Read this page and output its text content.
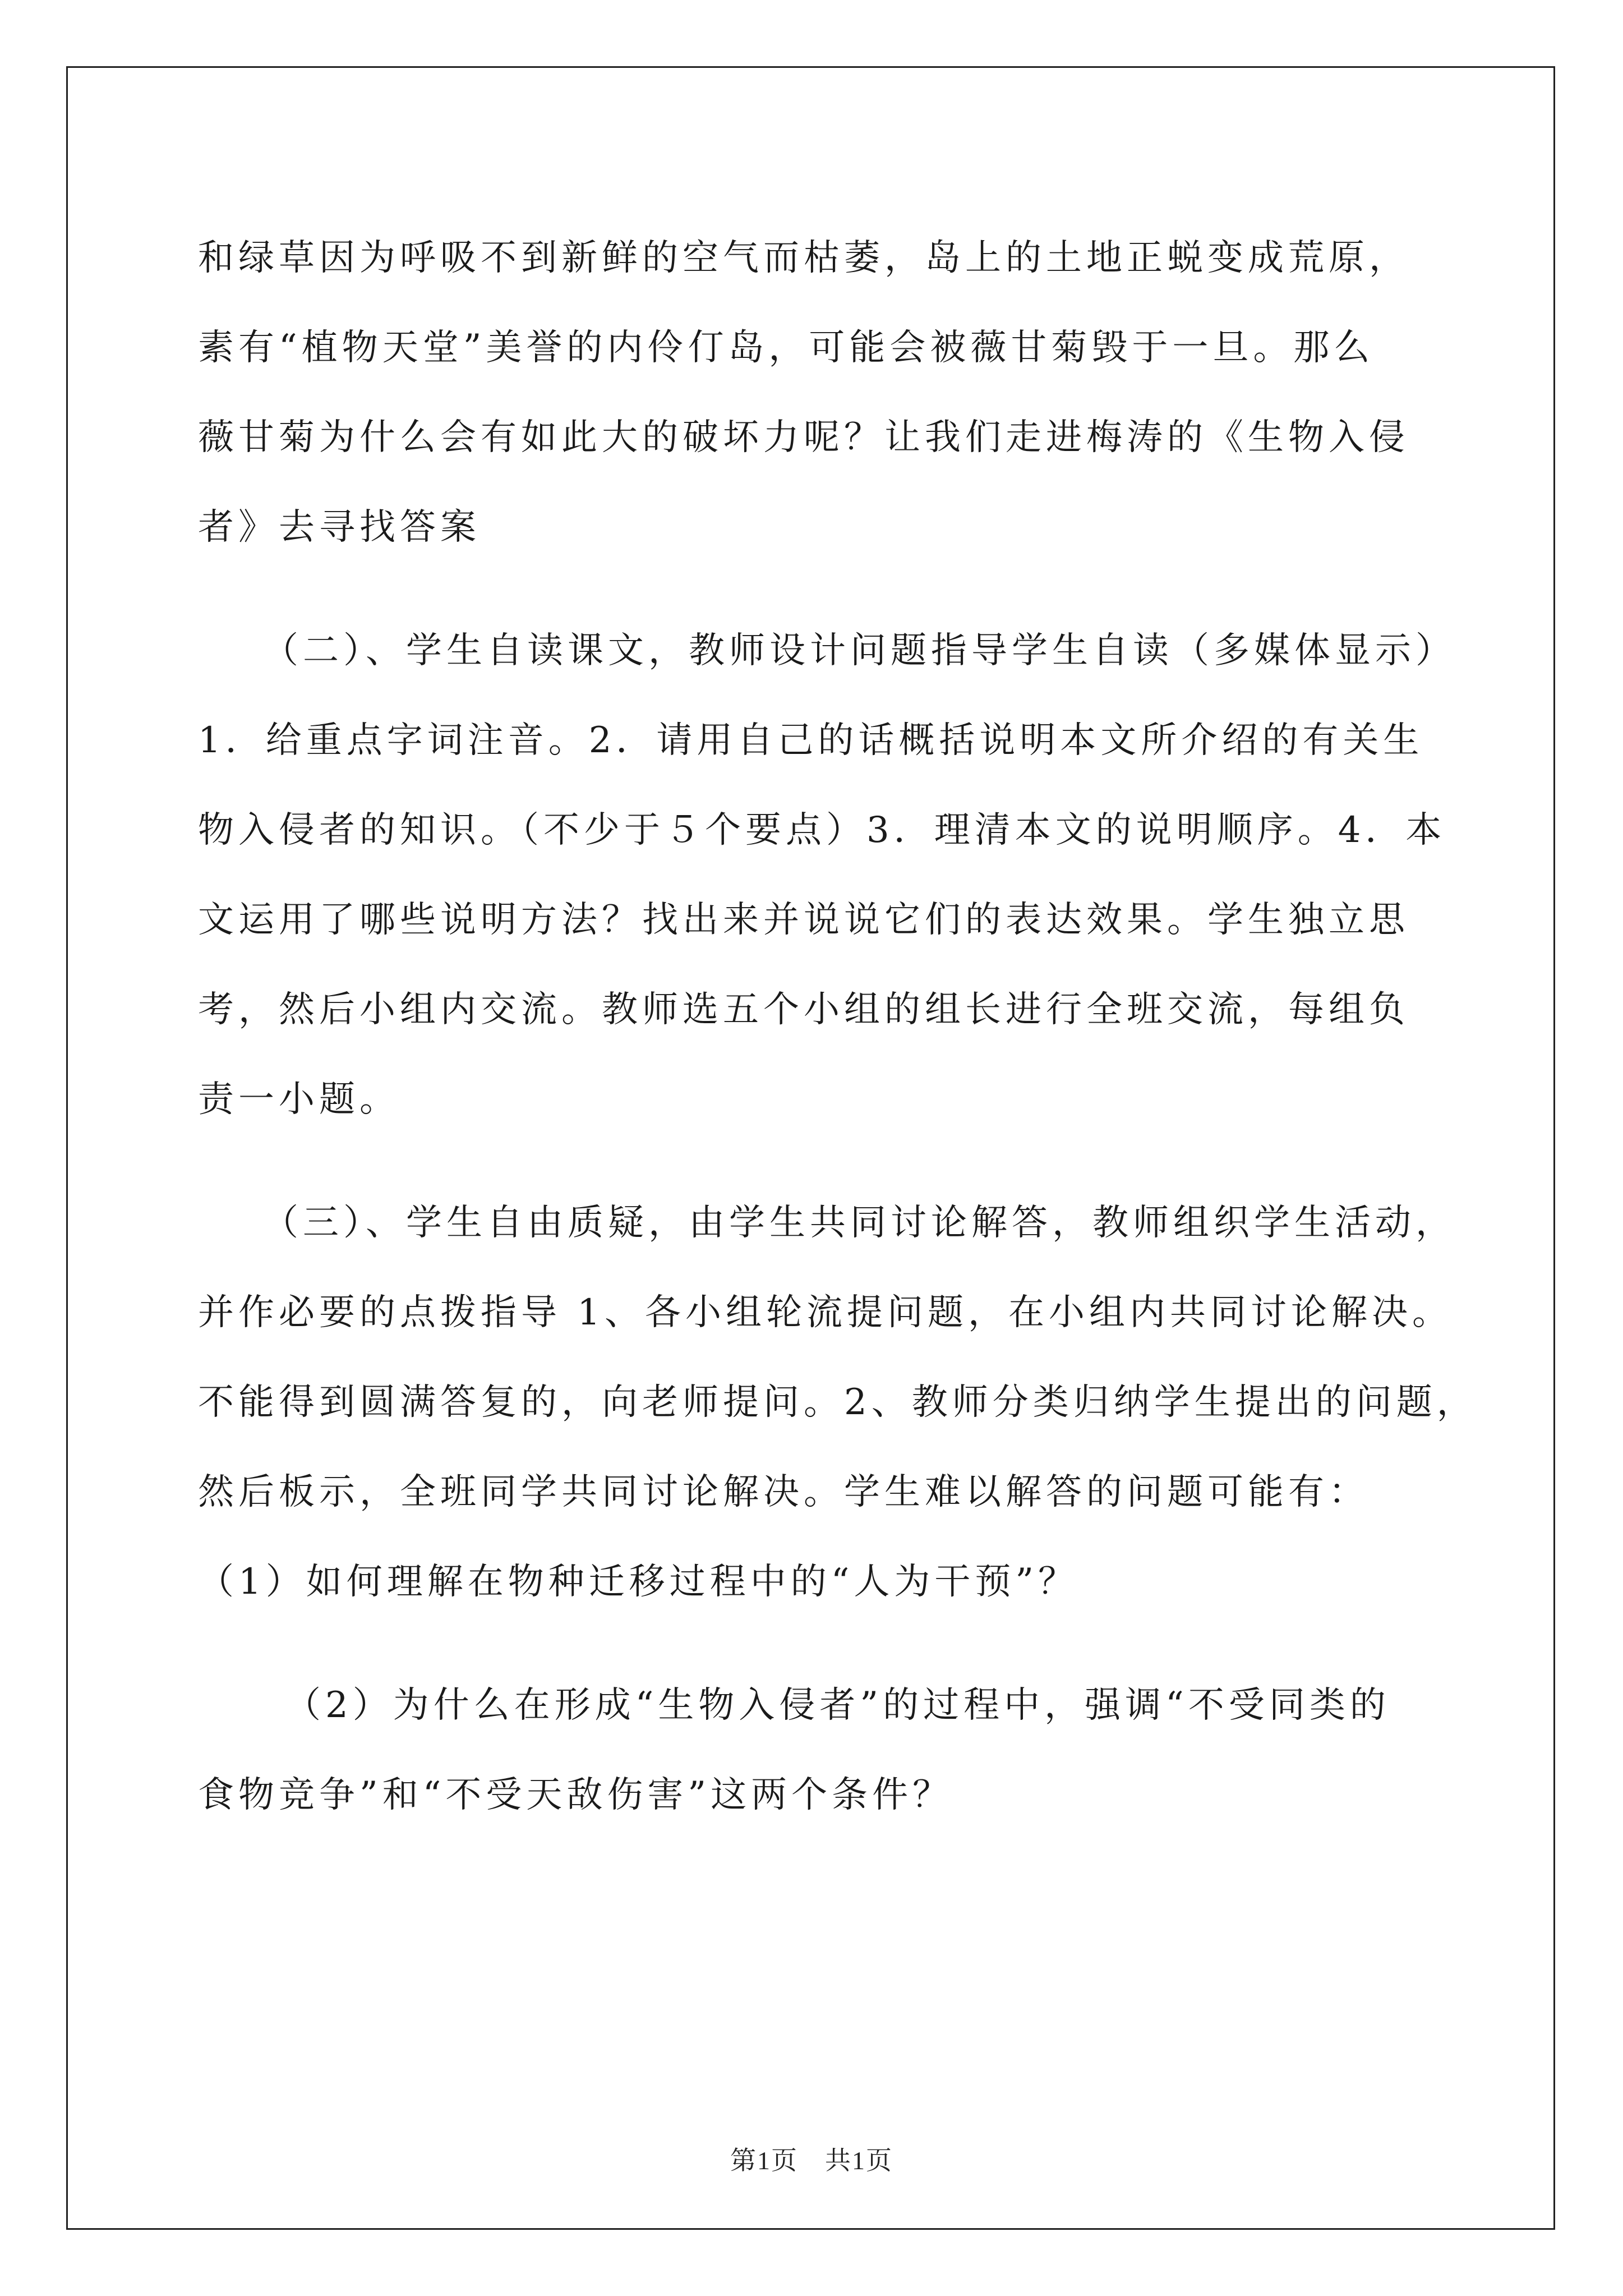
和绿草因为呼吸不到新鲜的空气而枯萎，岛上的土地正蜕变成荒原，
素有“植物天堂”美誉的内伶仃岛，可能会被薇甘菊毁于一旦。那么
薇甘菊为什么会有如此大的破坏力呢？让我们走进梅涛的《生物入侵
者》去寻找答案
（二）、学生自读课文，教师设计问题指导学生自读（多媒体显示）
1．给重点字词注音。2．请用自己的话概括说明本文所介绍的有关生
物入侵者的知识。（不少于５个要点）3．理清本文的说明顺序。4．本
文运用了哪些说明方法？找出来并说说它们的表达效果。学生独立思
考，然后小组内交流。教师选五个小组的组长进行全班交流，每组负
责一小题。
（三）、学生自由质疑，由学生共同讨论解答，教师组织学生活动，
并作必要的点拨指导 1、各小组轮流提问题，在小组内共同讨论解决。
不能得到圆满答复的，向老师提问。2、教师分类归纳学生提出的问题，
然后板示，全班同学共同讨论解决。学生难以解答的问题可能有：
（1）如何理解在物种迁移过程中的“人为干预”？
（2）为什么在形成“生物入侵者”的过程中，强调“不受同类的
食物竞争”和“不受天敌伤害”这两个条件？
第1页　共1页
